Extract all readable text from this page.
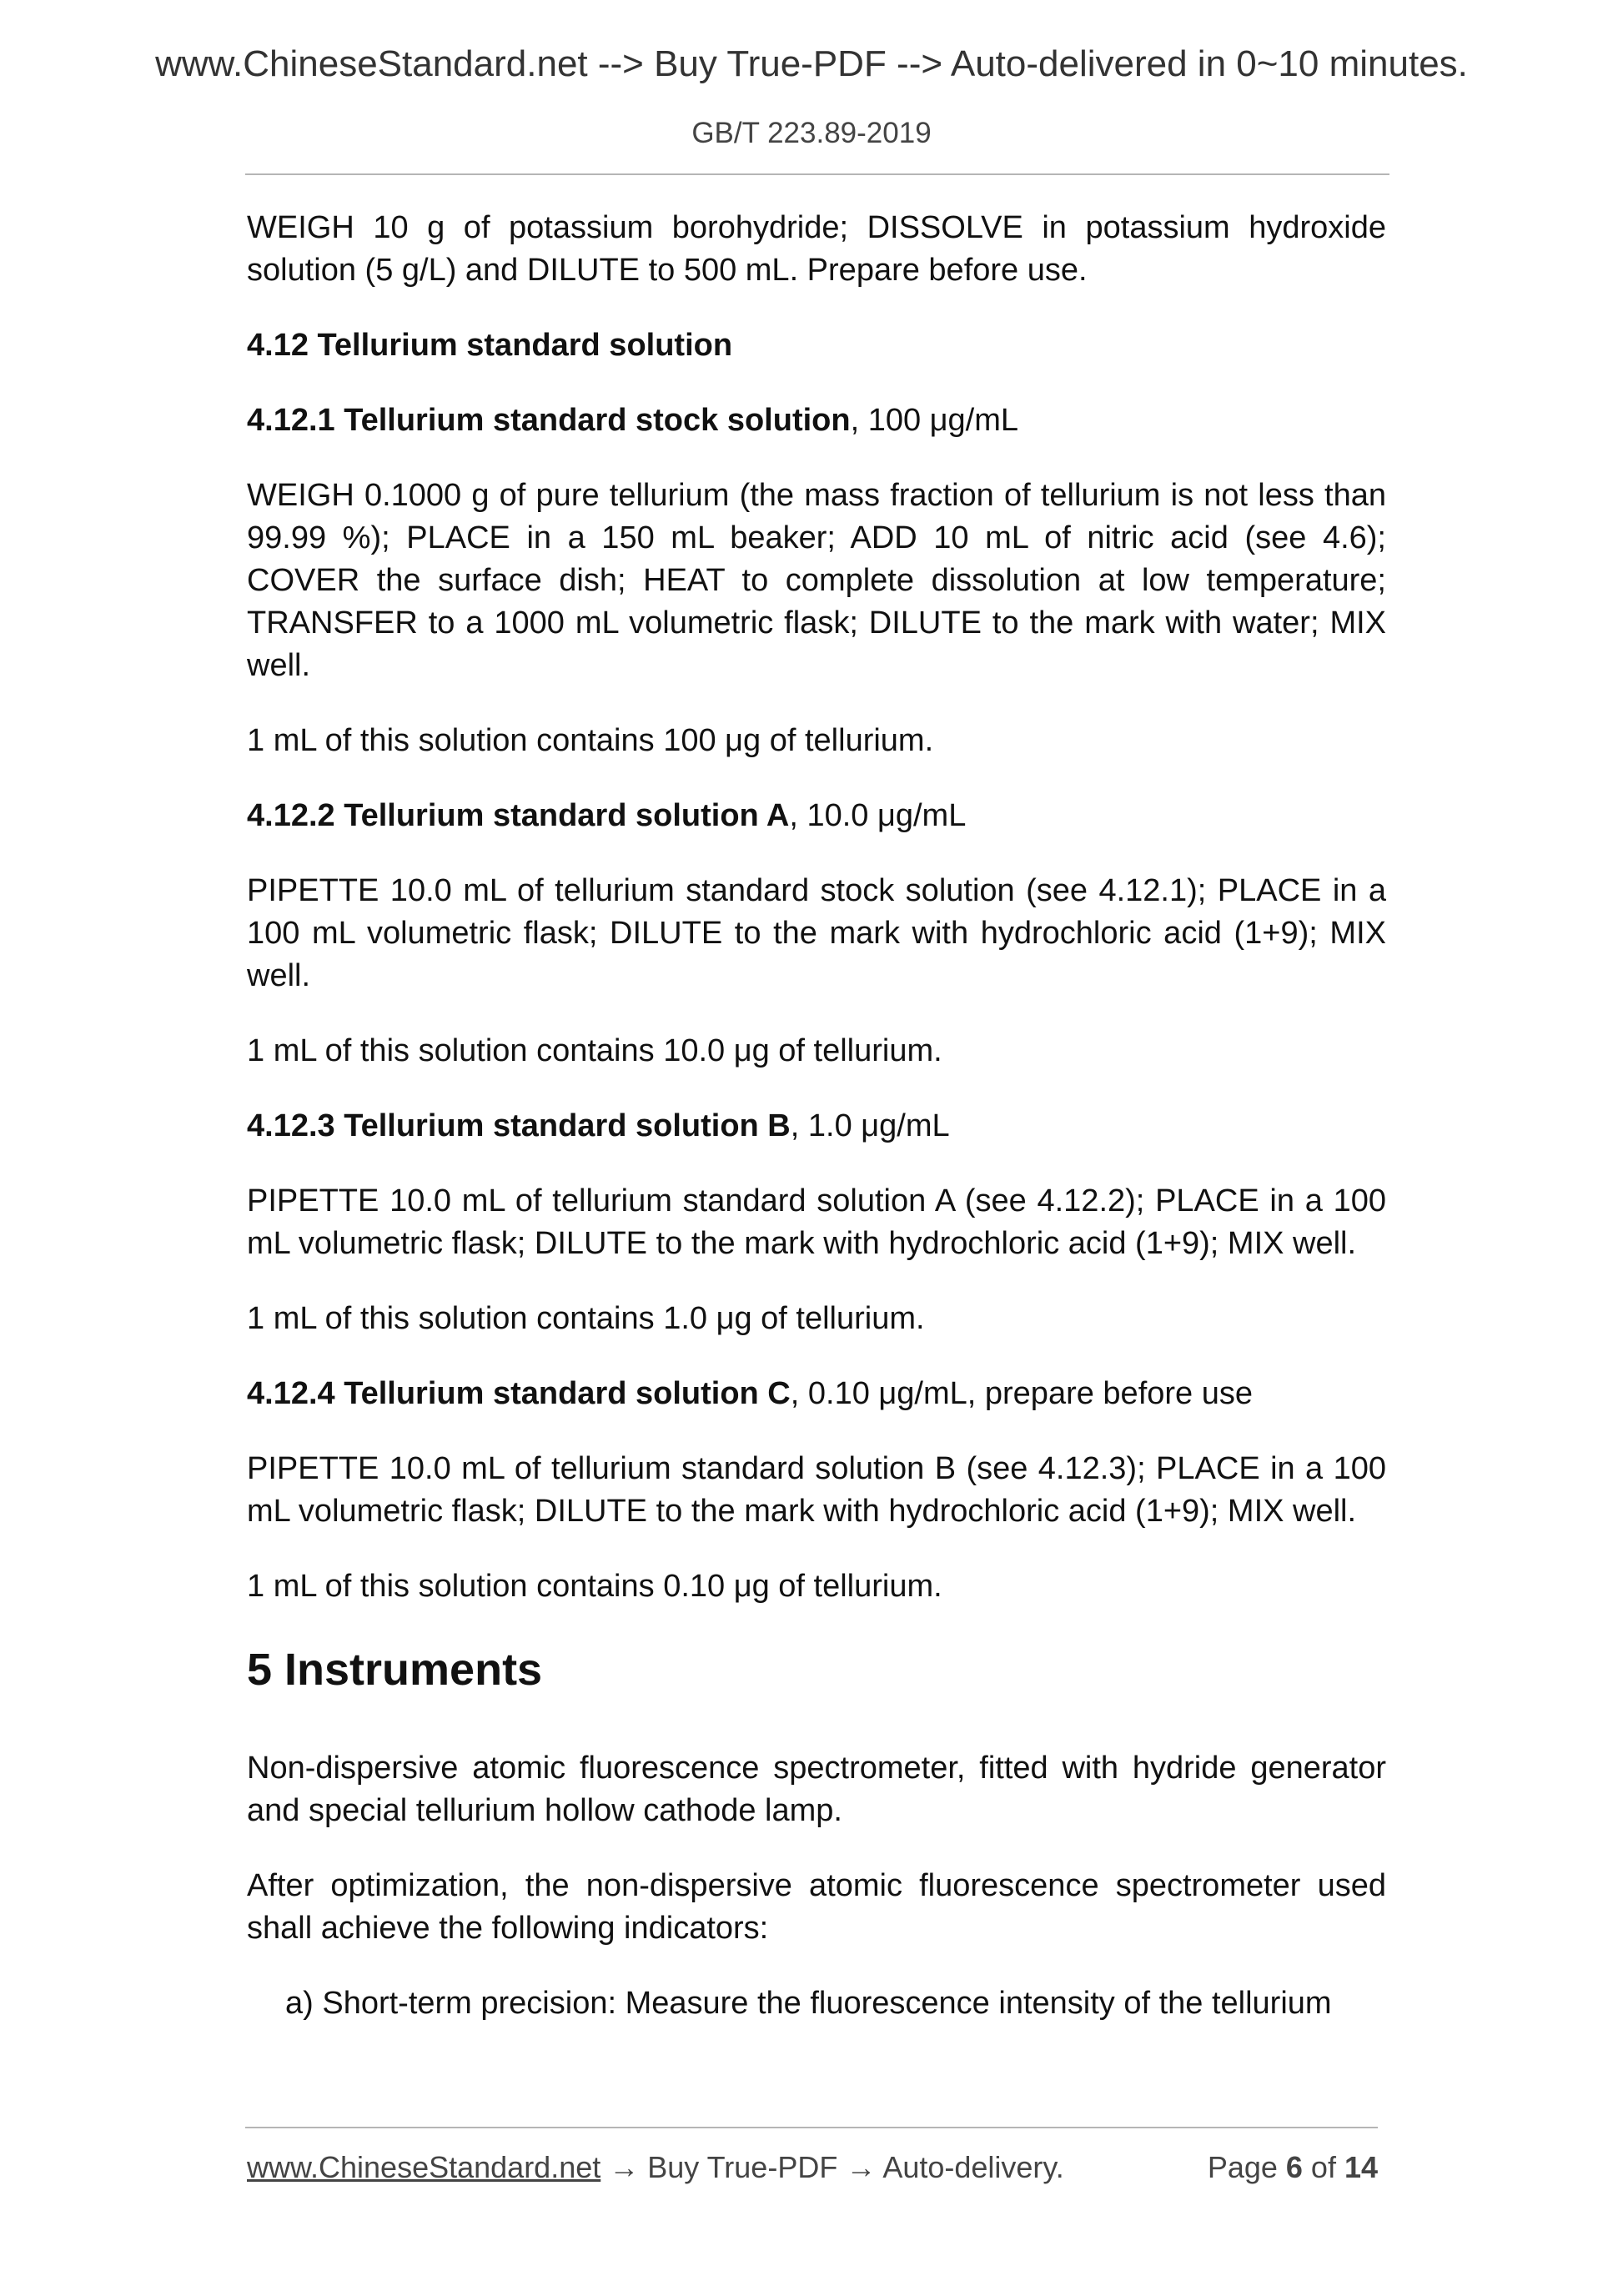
www.ChineseStandard.net --> Buy True-PDF --> Auto-delivered in 0~10 minutes.
GB/T 223.89-2019

WEIGH 10 g of potassium borohydride; DISSOLVE in potassium hydroxide solution (5 g/L) and DILUTE to 500 mL. Prepare before use.

4.12 Tellurium standard solution

4.12.1 Tellurium standard stock solution, 100 μg/mL

WEIGH 0.1000 g of pure tellurium (the mass fraction of tellurium is not less than 99.99 %); PLACE in a 150 mL beaker; ADD 10 mL of nitric acid (see 4.6); COVER the surface dish; HEAT to complete dissolution at low temperature; TRANSFER to a 1000 mL volumetric flask; DILUTE to the mark with water; MIX well.

1 mL of this solution contains 100 μg of tellurium.

4.12.2 Tellurium standard solution A, 10.0 μg/mL

PIPETTE 10.0 mL of tellurium standard stock solution (see 4.12.1); PLACE in a 100 mL volumetric flask; DILUTE to the mark with hydrochloric acid (1+9); MIX well.

1 mL of this solution contains 10.0 μg of tellurium.

4.12.3 Tellurium standard solution B, 1.0 μg/mL

PIPETTE 10.0 mL of tellurium standard solution A (see 4.12.2); PLACE in a 100 mL volumetric flask; DILUTE to the mark with hydrochloric acid (1+9); MIX well.

1 mL of this solution contains 1.0 μg of tellurium.

4.12.4 Tellurium standard solution C, 0.10 μg/mL, prepare before use

PIPETTE 10.0 mL of tellurium standard solution B (see 4.12.3); PLACE in a 100 mL volumetric flask; DILUTE to the mark with hydrochloric acid (1+9); MIX well.

1 mL of this solution contains 0.10 μg of tellurium.

5 Instruments

Non-dispersive atomic fluorescence spectrometer, fitted with hydride generator and special tellurium hollow cathode lamp.

After optimization, the non-dispersive atomic fluorescence spectrometer used shall achieve the following indicators:

a) Short-term precision: Measure the fluorescence intensity of the tellurium

www.ChineseStandard.net → Buy True-PDF → Auto-delivery.	Page 6 of 14
